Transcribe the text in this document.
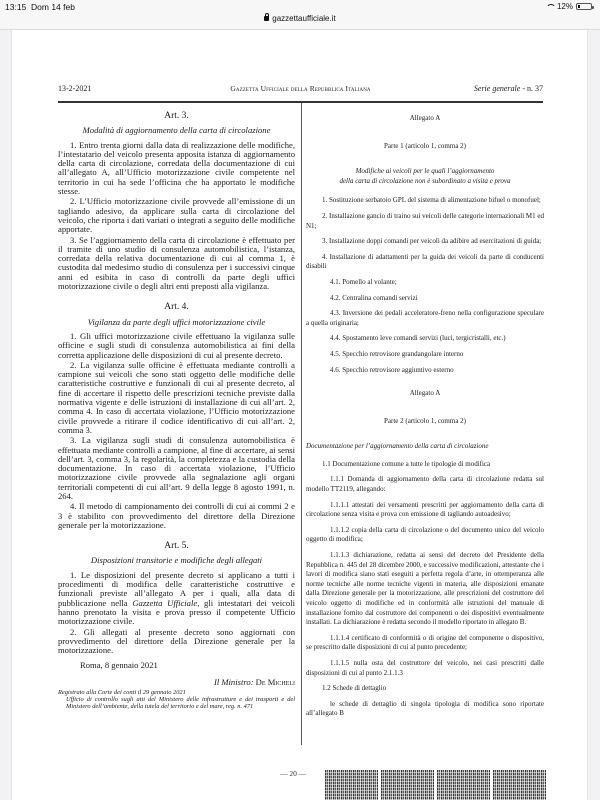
13:15 Dom 14 feb	12%
gazzettaufficiale.it
13-2-2021	Gazzetta Ufficiale della Repubblica Italiana	Serie generale - n. 37
Art. 3.
Modalità di aggiornamento della carta di circolazione

1. Entro trenta giorni dalla data di realizzazione delle modifiche, l’intestatario del veicolo presenta apposita istanza di aggiornamento della carta di circolazione, corredata della documentazione di cui all’allegato A, all’Ufficio motorizzazione civile competente nel territorio in cui ha sede l’officina che ha apportato le modifiche stesse.

2. L’Ufficio motorizzazione civile provvede all’emissione di un tagliando adesivo, da applicare sulla carta di circolazione del veicolo, che riporta i dati variati o integrati a seguito delle modifiche apportate.

3. Se l’aggiornamento della carta di circolazione è effettuato per il tramite di uno studio di consulenza automobilistica, l’istanza, corredata della relativa documentazione di cui al comma 1, è custodita dal medesimo studio di consulenza per i successivi cinque anni ed esibita in caso di controlli da parte degli uffici motorizzazione civile o degli altri enti preposti alla vigilanza.

Art. 4.
Vigilanza da parte degli uffici motorizzazione civile

1. Gli uffici motorizzazione civile effettuano la vigilanza sulle officine e sugli studi di consulenza automobilistica ai fini della corretta applicazione delle disposizioni di cui al presente decreto.

2. La vigilanza sulle officine è effettuata mediante controlli a campione sui veicoli che sono stati oggetto delle modifiche delle caratteristiche costruttive e funzionali di cui al presente decreto, al fine di accertare il rispetto delle prescrizioni tecniche previste dalla normativa vigente e delle istruzioni di installazione di cui all’art. 2, comma 4. In caso di accertata violazione, l’Ufficio motorizzazione civile provvede a ritirare il codice identificativo di cui all’art. 2, comma 3.

3. La vigilanza sugli studi di consulenza automobilistica è effettuata mediante controlli a campione, al fine di accertare, ai sensi dell’art. 3, comma 3, la regolarità, la completezza e la custodia della documentazione. In caso di accertata violazione, l’Ufficio motorizzazione civile provvede alla segnalazione agli organi territoriali competenti di cui all’art. 9 della legge 8 agosto 1991, n. 264.

4. Il metodo di campionamento dei controlli di cui ai commi 2 e 3 è stabilito con provvedimento del direttore della Direzione generale per la motorizzazione.

Art. 5.
Disposizioni transitorie e modifiche degli allegati

1. Le disposizioni del presente decreto si applicano a tutti i procedimenti di modifica delle caratteristiche costruttive e funzionali previste all’allegato A per i quali, alla data di pubblicazione nella Gazzetta Ufficiale, gli intestatari dei veicoli hanno prenotato la visita e prova presso il competente Ufficio motorizzazione civile.

2. Gli allegati al presente decreto sono aggiornati con provvedimento del direttore della Direzione generale per la motorizzazione.

Roma, 8 gennaio 2021

Il Ministro: De Micheli

Registrato alla Corte dei conti il 29 gennaio 2021
Ufficio di controllo sugli atti del Ministero delle infrastrutture e dei trasporti e del Ministero dell’ambiente, della tutela del territorio e del mare, reg. n. 471
Allegato A
Parte 1 (articolo 1, comma 2)
Modifiche ai veicoli per le quali l’aggiornamento
della carta di circolazione non è subordinato a visita e prova

1. Sostituzione serbatoio GPL del sistema di alimentazione bifuel o monofuel;

2. Installazione gancio di traino sui veicoli delle categorie internazionali M1 ed N1;

3. Installazione doppi comandi per veicoli da adibire ad esercitazioni di guida;

4. Installazione di adattamenti per la guida dei veicoli da parte di conducenti disabili

4.1. Pomello al volante;

4.2. Centralina comandi servizi

4.3. Inversione dei pedali acceleratore-freno nella configurazione speculare a quella originaria;

4.4. Spostamento leve comandi servizi (luci, tergicristalli, etc.)

4.5. Specchio retrovisore grandangolare interno

4.6. Specchio retrovisore aggiuntivo esterno

Allegato A
Parte 2 (articolo 1, comma 2)
Documentazione per l’aggiornamento della carta di circolazione

1.1 Documentazione comune a tutte le tipologie di modifica

1.1.1 Domanda di aggiornamento della carta di circolazione redatta sul modello TT2119, allegando:

1.1.1.1 attestati dei versamenti prescritti per aggiornamento della carta di circolazione senza visita e prova con emissione di tagliando autoadesivo;

1.1.1.2 copia della carta di circolazione o del documento unico del veicolo oggetto di modifica;

1.1.1.3 dichiarazione, redatta ai sensi del decreto del Presidente della Repubblica n. 445 del 28 dicembre 2000, e successive modificazioni, attestante che i lavori di modifica siano stati eseguiti a perfetta regola d’arte, in ottemperanza alle norme tecniche alle norme tecniche vigenti in materia, alle disposizioni emanate dalla Direzione generale per la motorizzazione, alle prescrizioni del costruttore del veicolo oggetto di modifiche ed in conformità alle istruzioni del manuale di installazione fornito dal costruttore dei componenti o dei dispositivi eventualmente installati. La dichiarazione è redatta secondo il modello riportato in allegato B.

1.1.1.4 certificato di conformità o di origine del componente o dispositivo, se prescritto dalle disposizioni di cui al punto precedente;

1.1.1.5 nulla osta del costruttore del veicolo, nei casi prescritti dalle disposizioni di cui al punto 2.1.1.3

1.2 Schede di dettaglio

le schede di dettaglio di singola tipologia di modifica sono riportate all’allegato B

— 20 —
